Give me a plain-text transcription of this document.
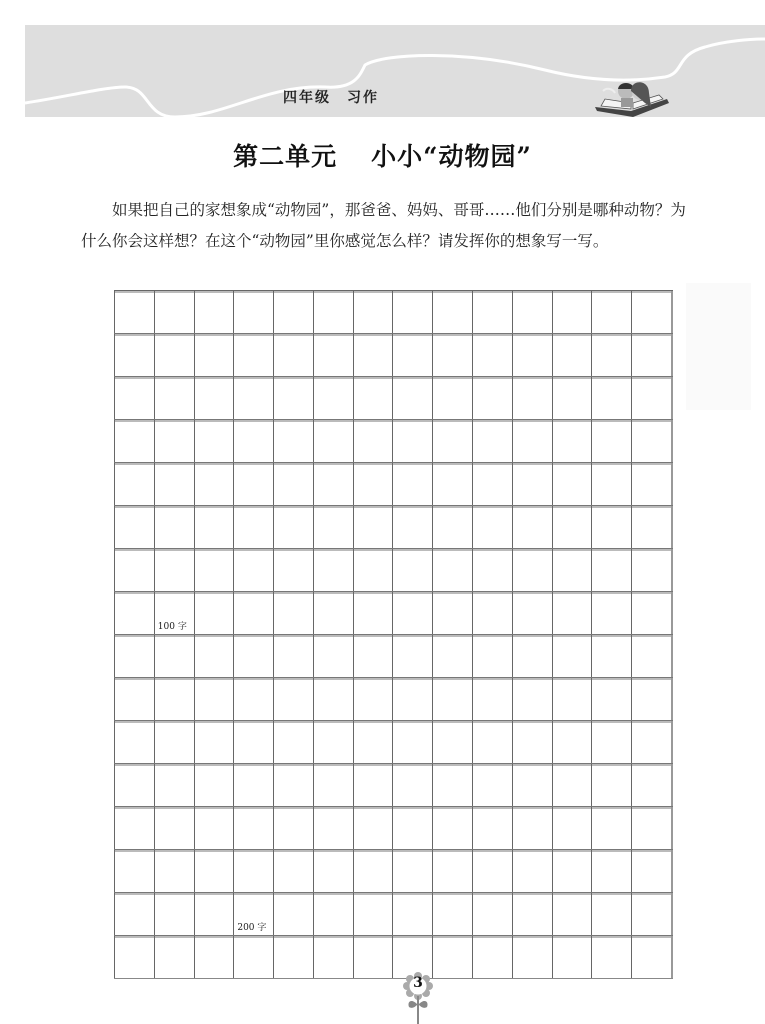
四年级 习作
第二单元 小小“动物园”
如果把自己的家想象成“动物园”，那爸爸、妈妈、哥哥……他们分别是哪种动物？为什么你会这样想？在这个“动物园”里你感觉怎么样？请发挥你的想象写一写。
100 字
200 字
3
